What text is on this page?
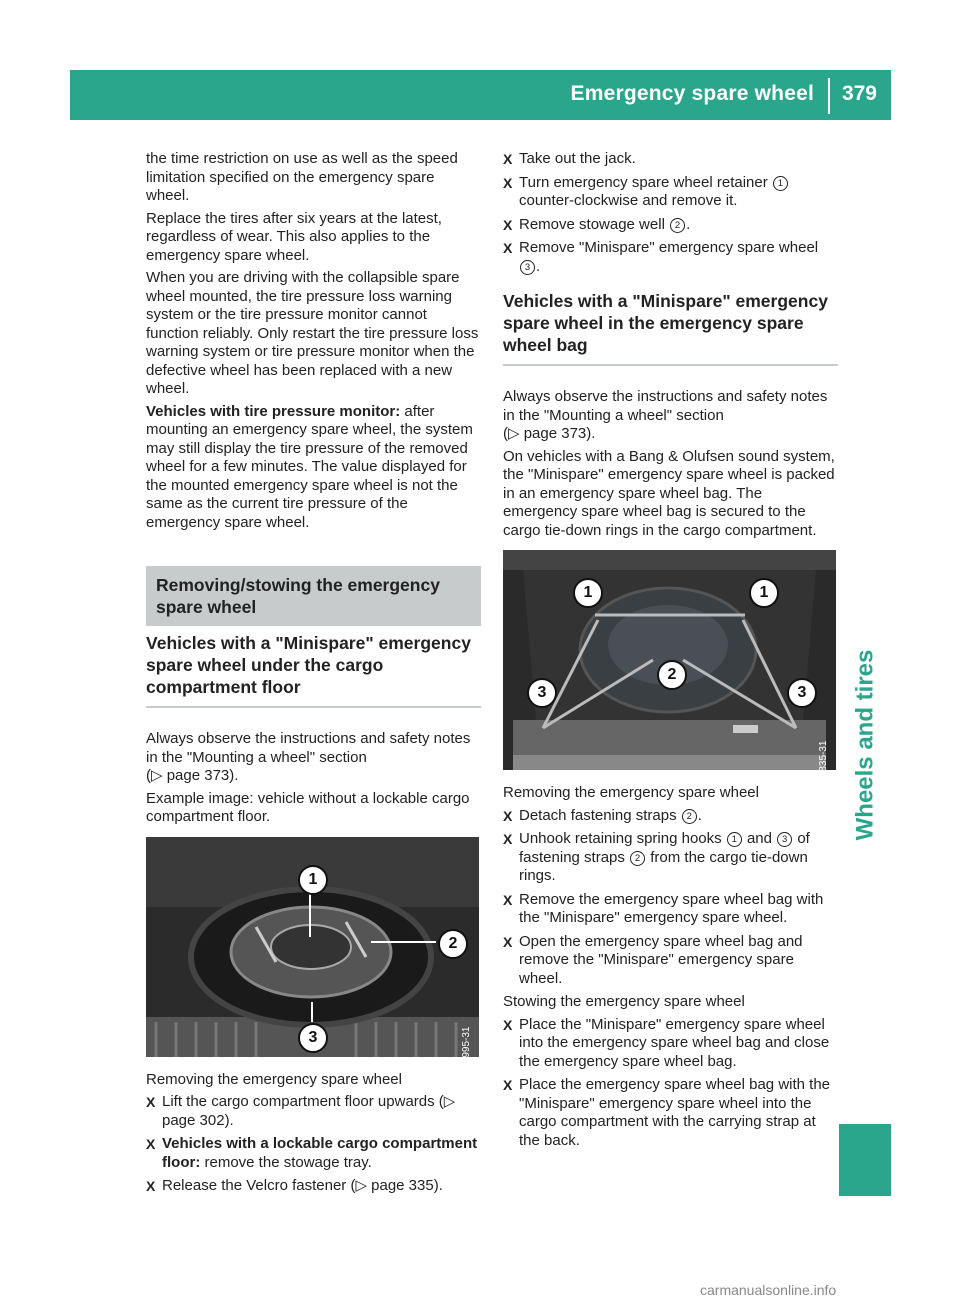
Emergency spare wheel 379
Wheels and tires

the time restriction on use as well as the speed limitation specified on the emergency spare wheel.

Replace the tires after six years at the latest, regardless of wear. This also applies to the emergency spare wheel.

When you are driving with the collapsible spare wheel mounted, the tire pressure loss warning system or the tire pressure monitor cannot function reliably. Only restart the tire pressure loss warning system or tire pressure monitor when the defective wheel has been replaced with a new wheel.

Vehicles with tire pressure monitor: after mounting an emergency spare wheel, the system may still display the tire pressure of the removed wheel for a few minutes. The value displayed for the mounted emergency spare wheel is not the same as the current tire pressure of the emergency spare wheel.

Removing/stowing the emergency spare wheel
Vehicles with a "Minispare" emergency spare wheel under the cargo compartment floor

Always observe the instructions and safety notes in the "Mounting a wheel" section
(▷ page 373).

Example image: vehicle without a lockable cargo compartment floor.

1
2
3	P68.00-7995-31

Removing the emergency spare wheel

X Lift the cargo compartment floor upwards (▷ page 302).
X Vehicles with a lockable cargo compartment floor: remove the stowage tray.
X Release the Velcro fastener (▷ page 335).
X Take out the jack.
X Turn emergency spare wheel retainer 1 counter-clockwise and remove it.
X Remove stowage well 2 .
X Remove "Minispare" emergency spare wheel 3 .
Vehicles with a "Minispare" emergency spare wheel in the emergency spare wheel bag

Always observe the instructions and safety notes in the "Mounting a wheel" section
(▷ page 373).

On vehicles with a Bang & Olufsen sound system, the "Minispare" emergency spare wheel is packed in an emergency spare wheel bag. The emergency spare wheel bag is secured to the cargo tie-down rings in the cargo compartment.

1	1
2
3	3
P40.10-6835-31

Removing the emergency spare wheel

X Detach fastening straps 2 .
X Unhook retaining spring hooks 1 and 3 of fastening straps 2 from the cargo tie-down rings.
X Remove the emergency spare wheel bag with the "Minispare" emergency spare wheel.
X Open the emergency spare wheel bag and remove the "Minispare" emergency spare wheel.

Stowing the emergency spare wheel

X Place the "Minispare" emergency spare wheel into the emergency spare wheel bag and close the emergency spare wheel bag.
X Place the emergency spare wheel bag with the "Minispare" emergency spare wheel into the cargo compartment with the carrying strap at the back.
carmanualsonline.info
